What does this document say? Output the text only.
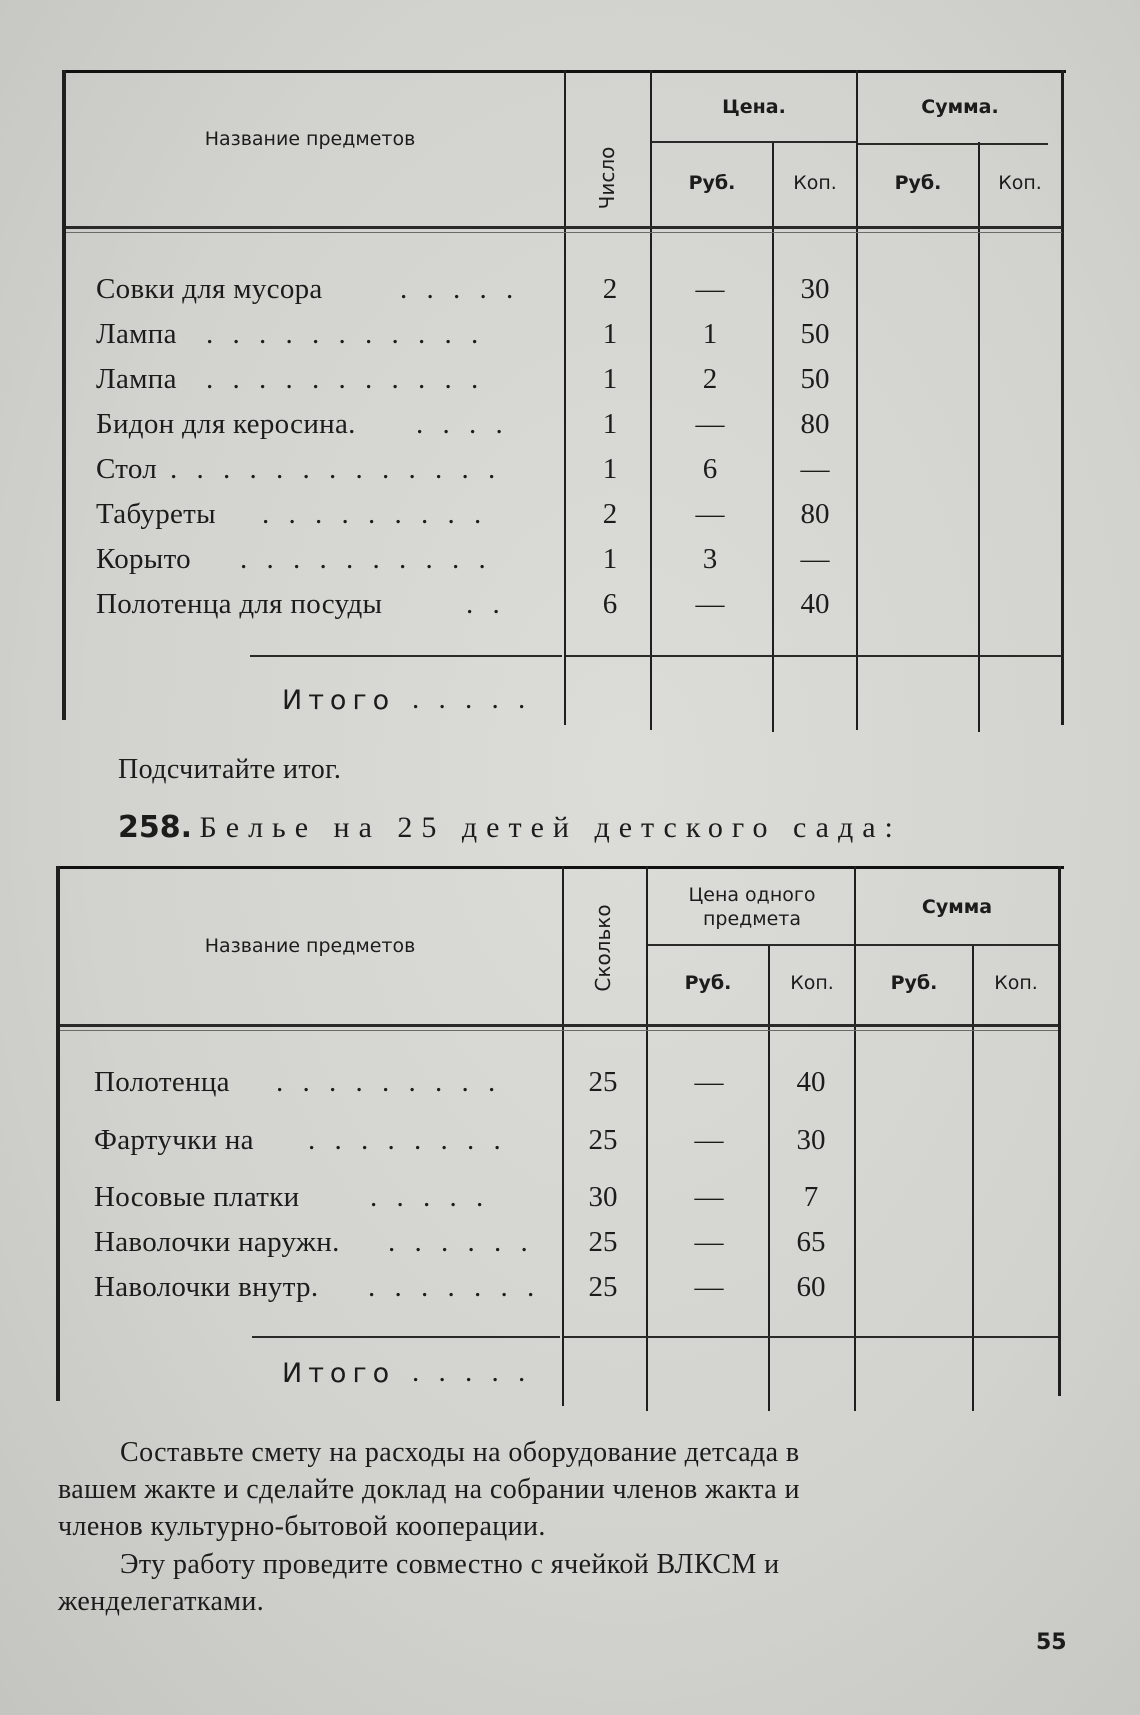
Название предметов
Число
Цена.	Сумма.
Руб.	Коп.	Руб.	Коп.
Совки для мусора	. . . . .	2	—	30
Лампа . . . . . . . . . . .	1	1	50
Лампа . . . . . . . . . . .	1	2	50
Бидон для керосина. . . . .	1	—	80
Стол . . . . . . . . . . . . .	1	6	—
Табуреты . . . . . . . . .	2	—	80
Корыто . . . . . . . . . .	1	3	—
Полотенца для посуды	. .	6	—	40
Итого . . . . .
Подсчитайте итог.
258. Белье на 25 детей детского сада:
Название предметов	Сколько
Цена одного предмета
Сумма
Руб.	Коп.	Руб.	Коп.
Полотенца . . . . . . . . .	25	—	40
Фартучки на . . . . . . . .	25	—	30
Носовые платки . . . . .	30	—	7
Наволочки наружн. . . . . . .	25	—	65
Наволочки внутр. . . . . . . .	25	—	60
Итого . . . . .
Составьте смету на расходы на оборудование детсада в
вашем жакте и сделайте доклад на собрании членов жакта и
членов культурно-бытовой кооперации.
Эту работу проведите совместно с ячейкой ВЛКСМ и
женделегатками.
55
